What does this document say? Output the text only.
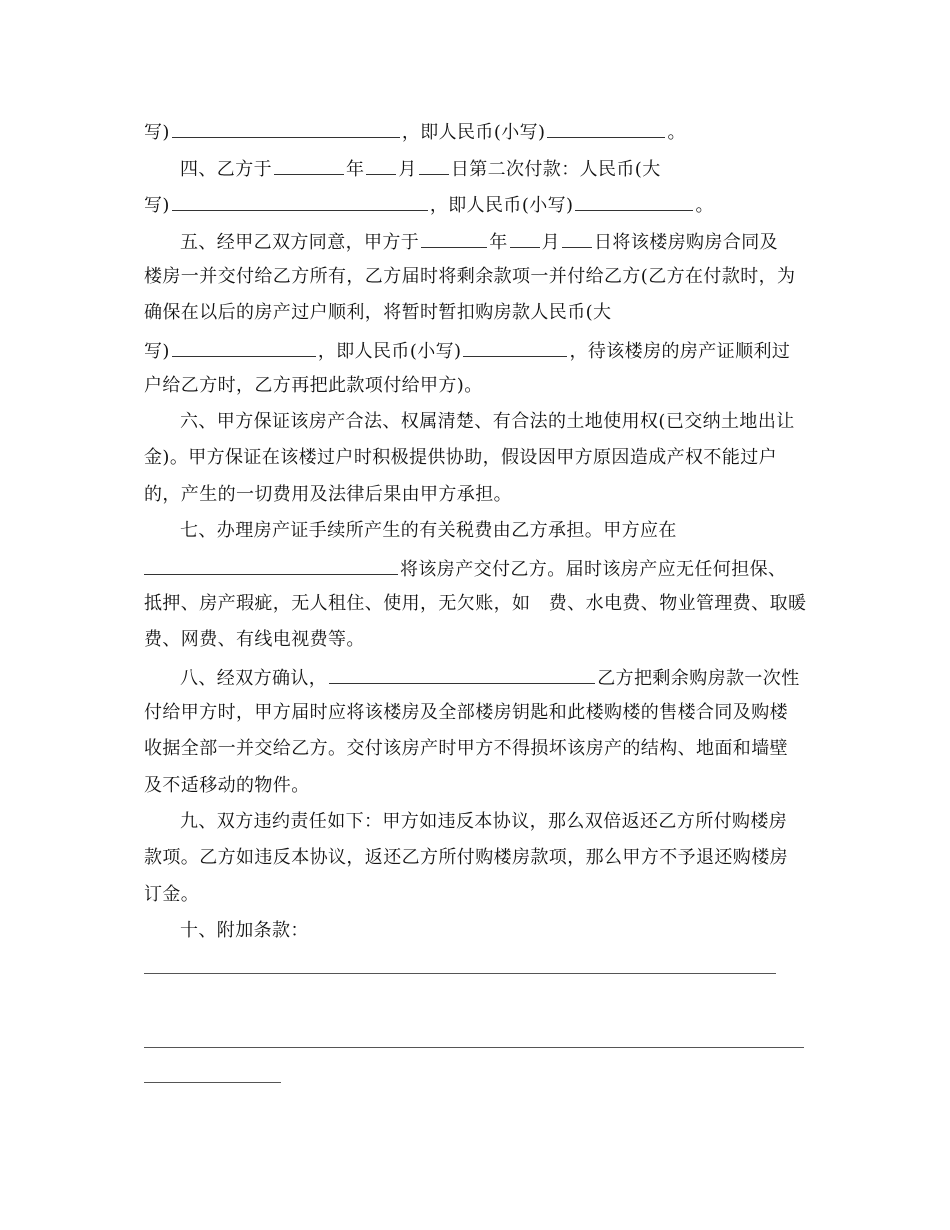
写)	，即人民币(小写)	。
四、乙方于	年 月 日第二次付款：人民币(大
写)	，即人民币(小写)	。
五、经甲乙双方同意，甲方于	年 月 日将该楼房购房合同及
楼房一并交付给乙方所有，乙方届时将剩余款项一并付给乙方(乙方在付款时，为
确保在以后的房产过户顺利，将暂时暂扣购房款人民币(大
写)	，即人民币(小写)	，待该楼房的房产证顺利过
户给乙方时，乙方再把此款项付给甲方)。
六、甲方保证该房产合法、权属清楚、有合法的土地使用权(已交纳土地出让
金)。甲方保证在该楼过户时积极提供协助，假设因甲方原因造成产权不能过户
的，产生的一切费用及法律后果由甲方承担。
七、办理房产证手续所产生的有关税费由乙方承担。甲方应在
将该房产交付乙方。届时该房产应无任何担保、
抵押、房产瑕疵，无人租住、使用，无欠账，如　费、水电费、物业管理费、取暖
费、网费、有线电视费等。
八、经双方确认，	乙方把剩余购房款一次性
付给甲方时，甲方届时应将该楼房及全部楼房钥匙和此楼购楼的售楼合同及购楼
收据全部一并交给乙方。交付该房产时甲方不得损坏该房产的结构、地面和墙壁
及不适移动的物件。
九、双方违约责任如下：甲方如违反本协议，那么双倍返还乙方所付购楼房
款项。乙方如违反本协议，返还乙方所付购楼房款项，那么甲方不予退还购楼房
订金。
十、附加条款：
